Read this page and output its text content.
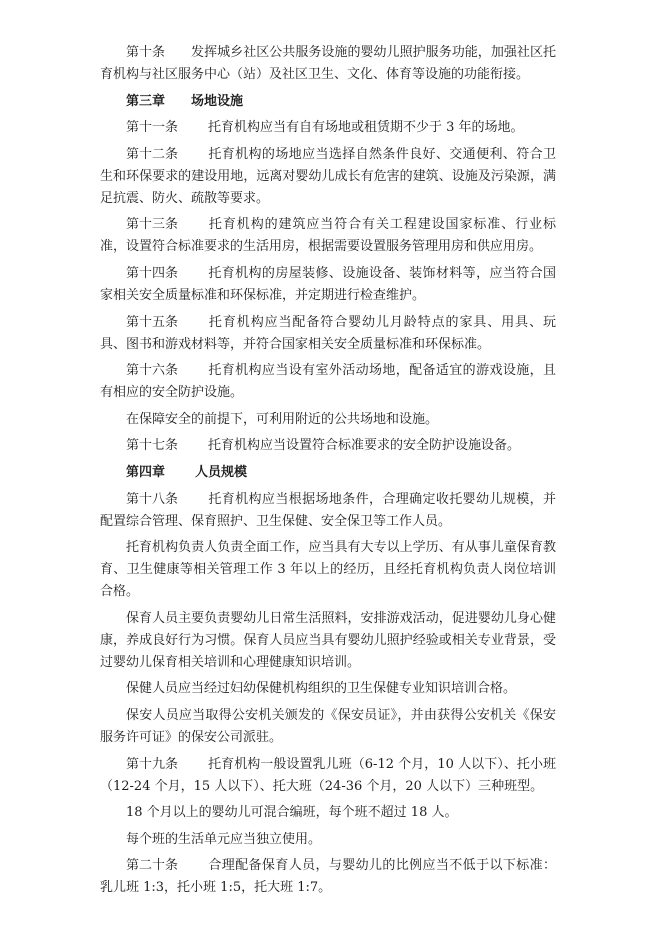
第十条 发挥城乡社区公共服务设施的婴幼儿照护服务功能，加强社区托育机构与社区服务中心（站）及社区卫生、文化、体育等设施的功能衔接。

第三章 场地设施

第十一条 托育机构应当有自有场地或租赁期不少于 3 年的场地。

第十二条 托育机构的场地应当选择自然条件良好、交通便利、符合卫生和环保要求的建设用地，远离对婴幼儿成长有危害的建筑、设施及污染源，满足抗震、防火、疏散等要求。

第十三条 托育机构的建筑应当符合有关工程建设国家标准、行业标准，设置符合标准要求的生活用房，根据需要设置服务管理用房和供应用房。

第十四条 托育机构的房屋装修、设施设备、装饰材料等，应当符合国家相关安全质量标准和环保标准，并定期进行检查维护。

第十五条 托育机构应当配备符合婴幼儿月龄特点的家具、用具、玩具、图书和游戏材料等，并符合国家相关安全质量标准和环保标准。

第十六条 托育机构应当设有室外活动场地，配备适宜的游戏设施，且有相应的安全防护设施。

在保障安全的前提下，可利用附近的公共场地和设施。

第十七条 托育机构应当设置符合标准要求的安全防护设施设备。

第四章 人员规模

第十八条 托育机构应当根据场地条件，合理确定收托婴幼儿规模，并配置综合管理、保育照护、卫生保健、安全保卫等工作人员。

托育机构负责人负责全面工作，应当具有大专以上学历、有从事儿童保育教育、卫生健康等相关管理工作 3 年以上的经历，且经托育机构负责人岗位培训合格。

保育人员主要负责婴幼儿日常生活照料，安排游戏活动，促进婴幼儿身心健康，养成良好行为习惯。保育人员应当具有婴幼儿照护经验或相关专业背景，受过婴幼儿保育相关培训和心理健康知识培训。

保健人员应当经过妇幼保健机构组织的卫生保健专业知识培训合格。

保安人员应当取得公安机关颁发的《保安员证》，并由获得公安机关《保安服务许可证》的保安公司派驻。

第十九条 托育机构一般设置乳儿班（6-12 个月，10 人以下）、托小班（12-24 个月，15 人以下）、托大班（24-36 个月，20 人以下）三种班型。

18 个月以上的婴幼儿可混合编班，每个班不超过 18 人。

每个班的生活单元应当独立使用。

第二十条 合理配备保育人员，与婴幼儿的比例应当不低于以下标准：乳儿班 1:3，托小班 1:5，托大班 1:7。
